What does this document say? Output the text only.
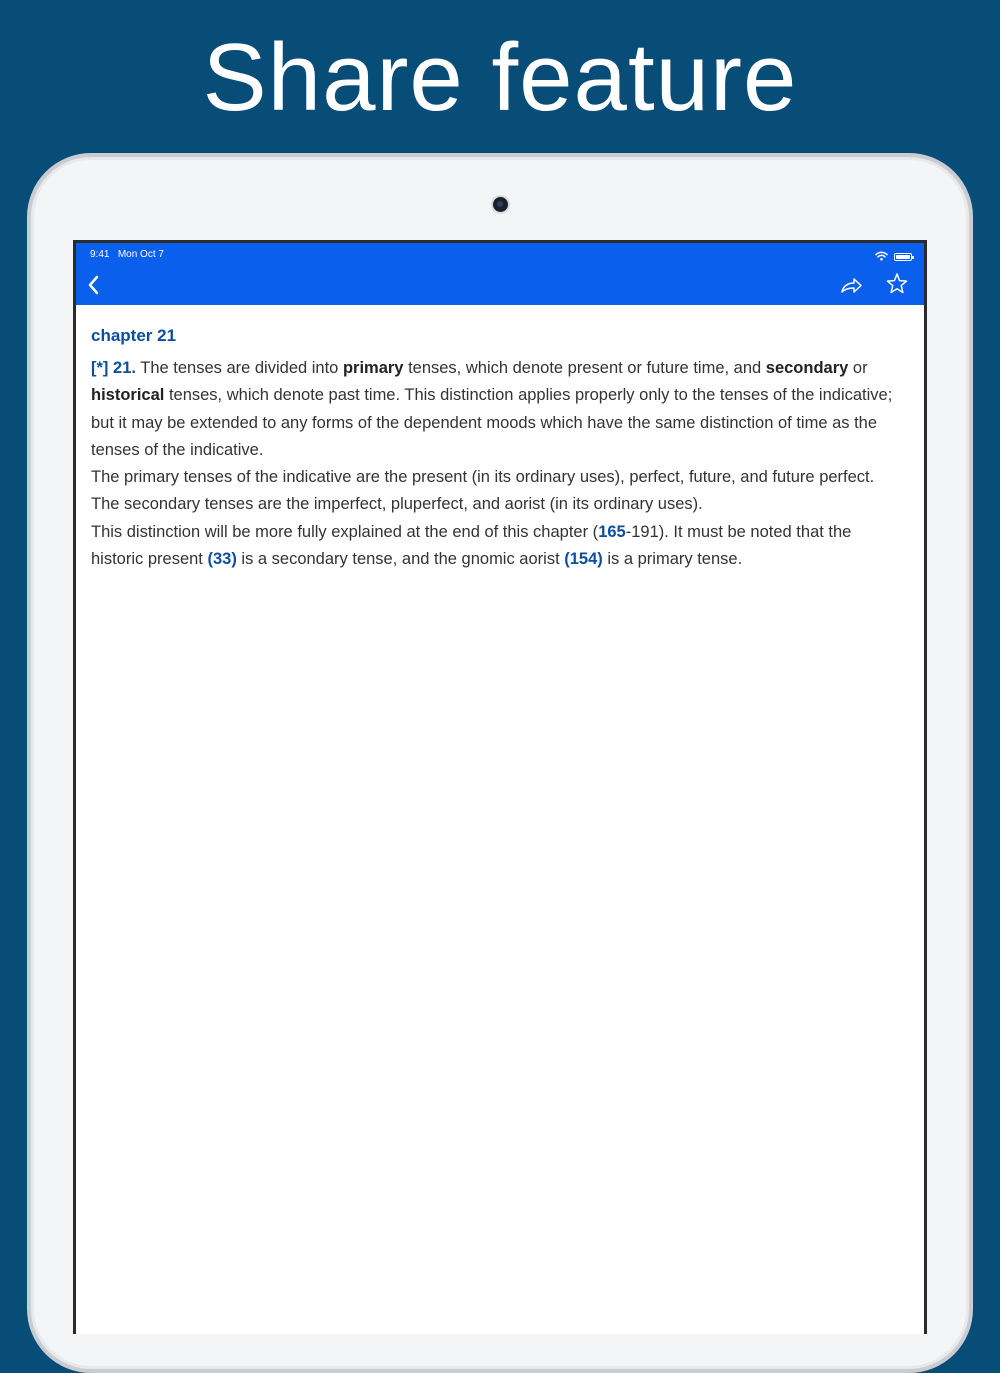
Share feature
9:41 Mon Oct 7
chapter 21

[*] 21. The tenses are divided into primary tenses, which denote present or future time, and secondary or historical tenses, which denote past time. This distinction applies properly only to the tenses of the indicative; but it may be extended to any forms of the dependent moods which have the same distinction of time as the tenses of the indicative.

The primary tenses of the indicative are the present (in its ordinary uses), perfect, future, and future perfect. The secondary tenses are the imperfect, pluperfect, and aorist (in its ordinary uses).

This distinction will be more fully explained at the end of this chapter (165-191). It must be noted that the historic present (33) is a secondary tense, and the gnomic aorist (154) is a primary tense.
